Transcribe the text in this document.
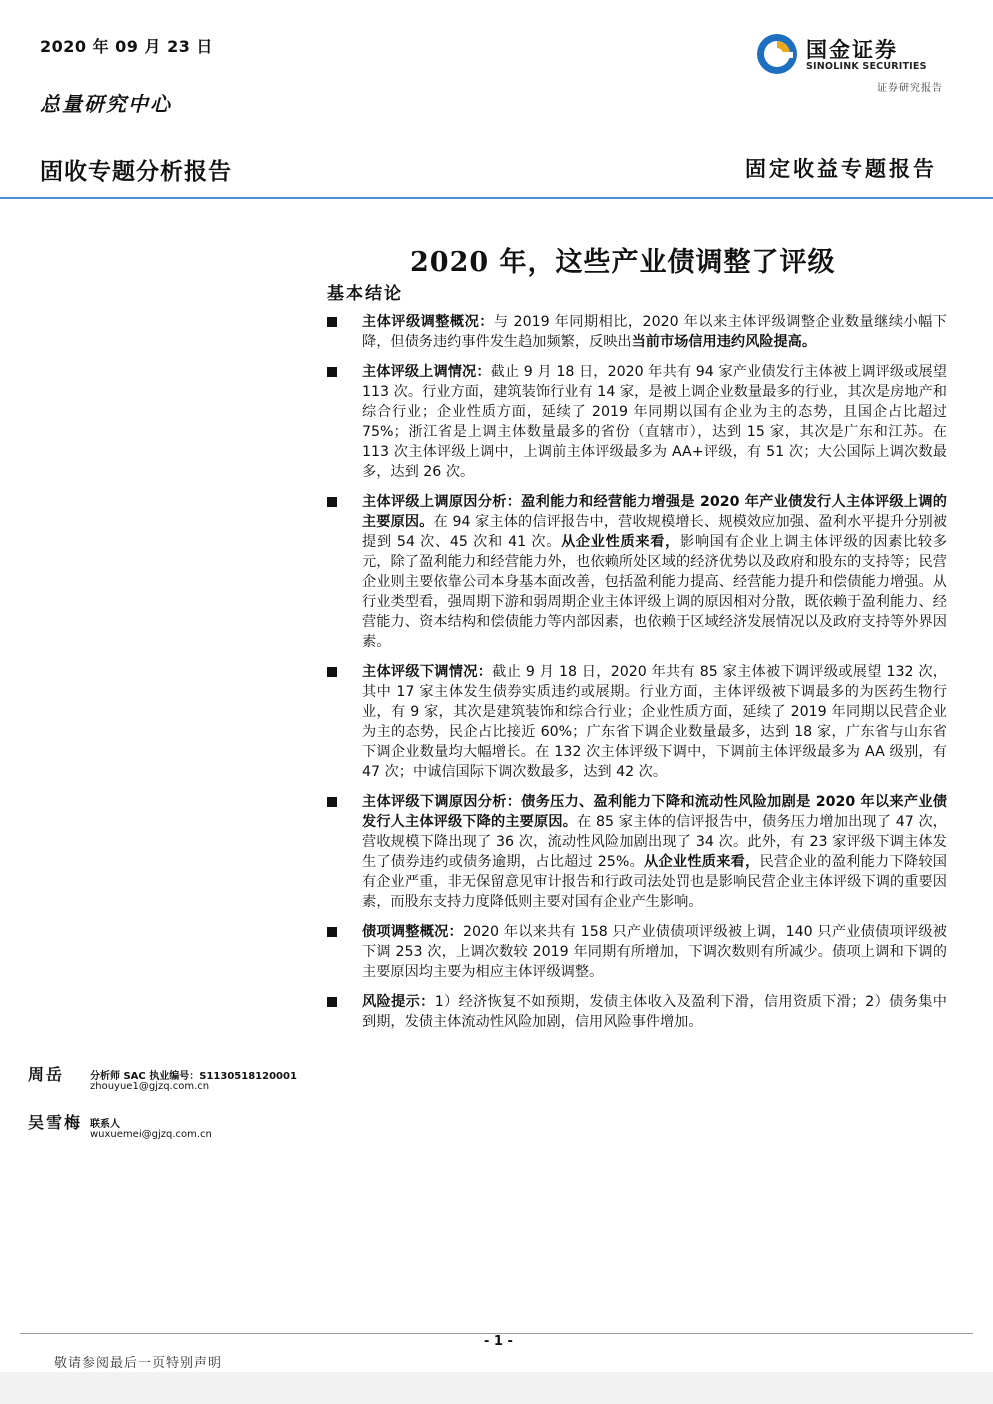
2020 年 09 月 23 日
总量研究中心
固收专题分析报告	固定收益专题报告
国金证券
SINOLINK SECURITIES
证券研究报告
2020 年，这些产业债调整了评级
基本结论
主体评级调整概况：与 2019 年同期相比，2020 年以来主体评级调整企业数量继续小幅下降，但债务违约事件发生趋加频繁，反映出当前市场信用违约风险提高。
主体评级上调情况：截止 9 月 18 日，2020 年共有 94 家产业债发行主体被上调评级或展望 113 次。行业方面，建筑装饰行业有 14 家，是被上调企业数量最多的行业，其次是房地产和综合行业；企业性质方面，延续了 2019 年同期以国有企业为主的态势，且国企占比超过 75%；浙江省是上调主体数量最多的省份（直辖市），达到 15 家，其次是广东和江苏。在 113 次主体评级上调中，上调前主体评级最多为 AA+评级，有 51 次；大公国际上调次数最多，达到 26 次。
主体评级上调原因分析：盈利能力和经营能力增强是 2020 年产业债发行人主体评级上调的主要原因。在 94 家主体的信评报告中，营收规模增长、规模效应加强、盈利水平提升分别被提到 54 次、45 次和 41 次。从企业性质来看，影响国有企业上调主体评级的因素比较多元，除了盈利能力和经营能力外，也依赖所处区域的经济优势以及政府和股东的支持等；民营企业则主要依靠公司本身基本面改善，包括盈利能力提高、经营能力提升和偿债能力增强。从行业类型看，强周期下游和弱周期企业主体评级上调的原因相对分散，既依赖于盈利能力、经营能力、资本结构和偿债能力等内部因素，也依赖于区域经济发展情况以及政府支持等外界因素。
主体评级下调情况：截止 9 月 18 日，2020 年共有 85 家主体被下调评级或展望 132 次，其中 17 家主体发生债券实质违约或展期。行业方面，主体评级被下调最多的为医药生物行业，有 9 家，其次是建筑装饰和综合行业；企业性质方面，延续了 2019 年同期以民营企业为主的态势，民企占比接近 60%；广东省下调企业数量最多，达到 18 家，广东省与山东省下调企业数量均大幅增长。在 132 次主体评级下调中，下调前主体评级最多为 AA 级别，有 47 次；中诚信国际下调次数最多，达到 42 次。
主体评级下调原因分析：债务压力、盈利能力下降和流动性风险加剧是 2020 年以来产业债发行人主体评级下降的主要原因。在 85 家主体的信评报告中，债务压力增加出现了 47 次，营收规模下降出现了 36 次，流动性风险加剧出现了 34 次。此外，有 23 家评级下调主体发生了债券违约或债务逾期，占比超过 25%。从企业性质来看，民营企业的盈利能力下降较国有企业严重，非无保留意见审计报告和行政司法处罚也是影响民营企业主体评级下调的重要因素，而股东支持力度降低则主要对国有企业产生影响。
债项调整概况：2020 年以来共有 158 只产业债债项评级被上调，140 只产业债债项评级被下调 253 次，上调次数较 2019 年同期有所增加，下调次数则有所减少。债项上调和下调的主要原因均主要为相应主体评级调整。
风险提示：1）经济恢复不如预期，发债主体收入及盈利下滑，信用资质下滑；2）债务集中到期，发债主体流动性风险加剧，信用风险事件增加。
周岳	分析师 SAC 执业编号：S1130518120001
zhouyue1@gjzq.com.cn
吴雪梅 联系人
wuxuemei@gjzq.com.cn
- 1 -
敬请参阅最后一页特别声明
